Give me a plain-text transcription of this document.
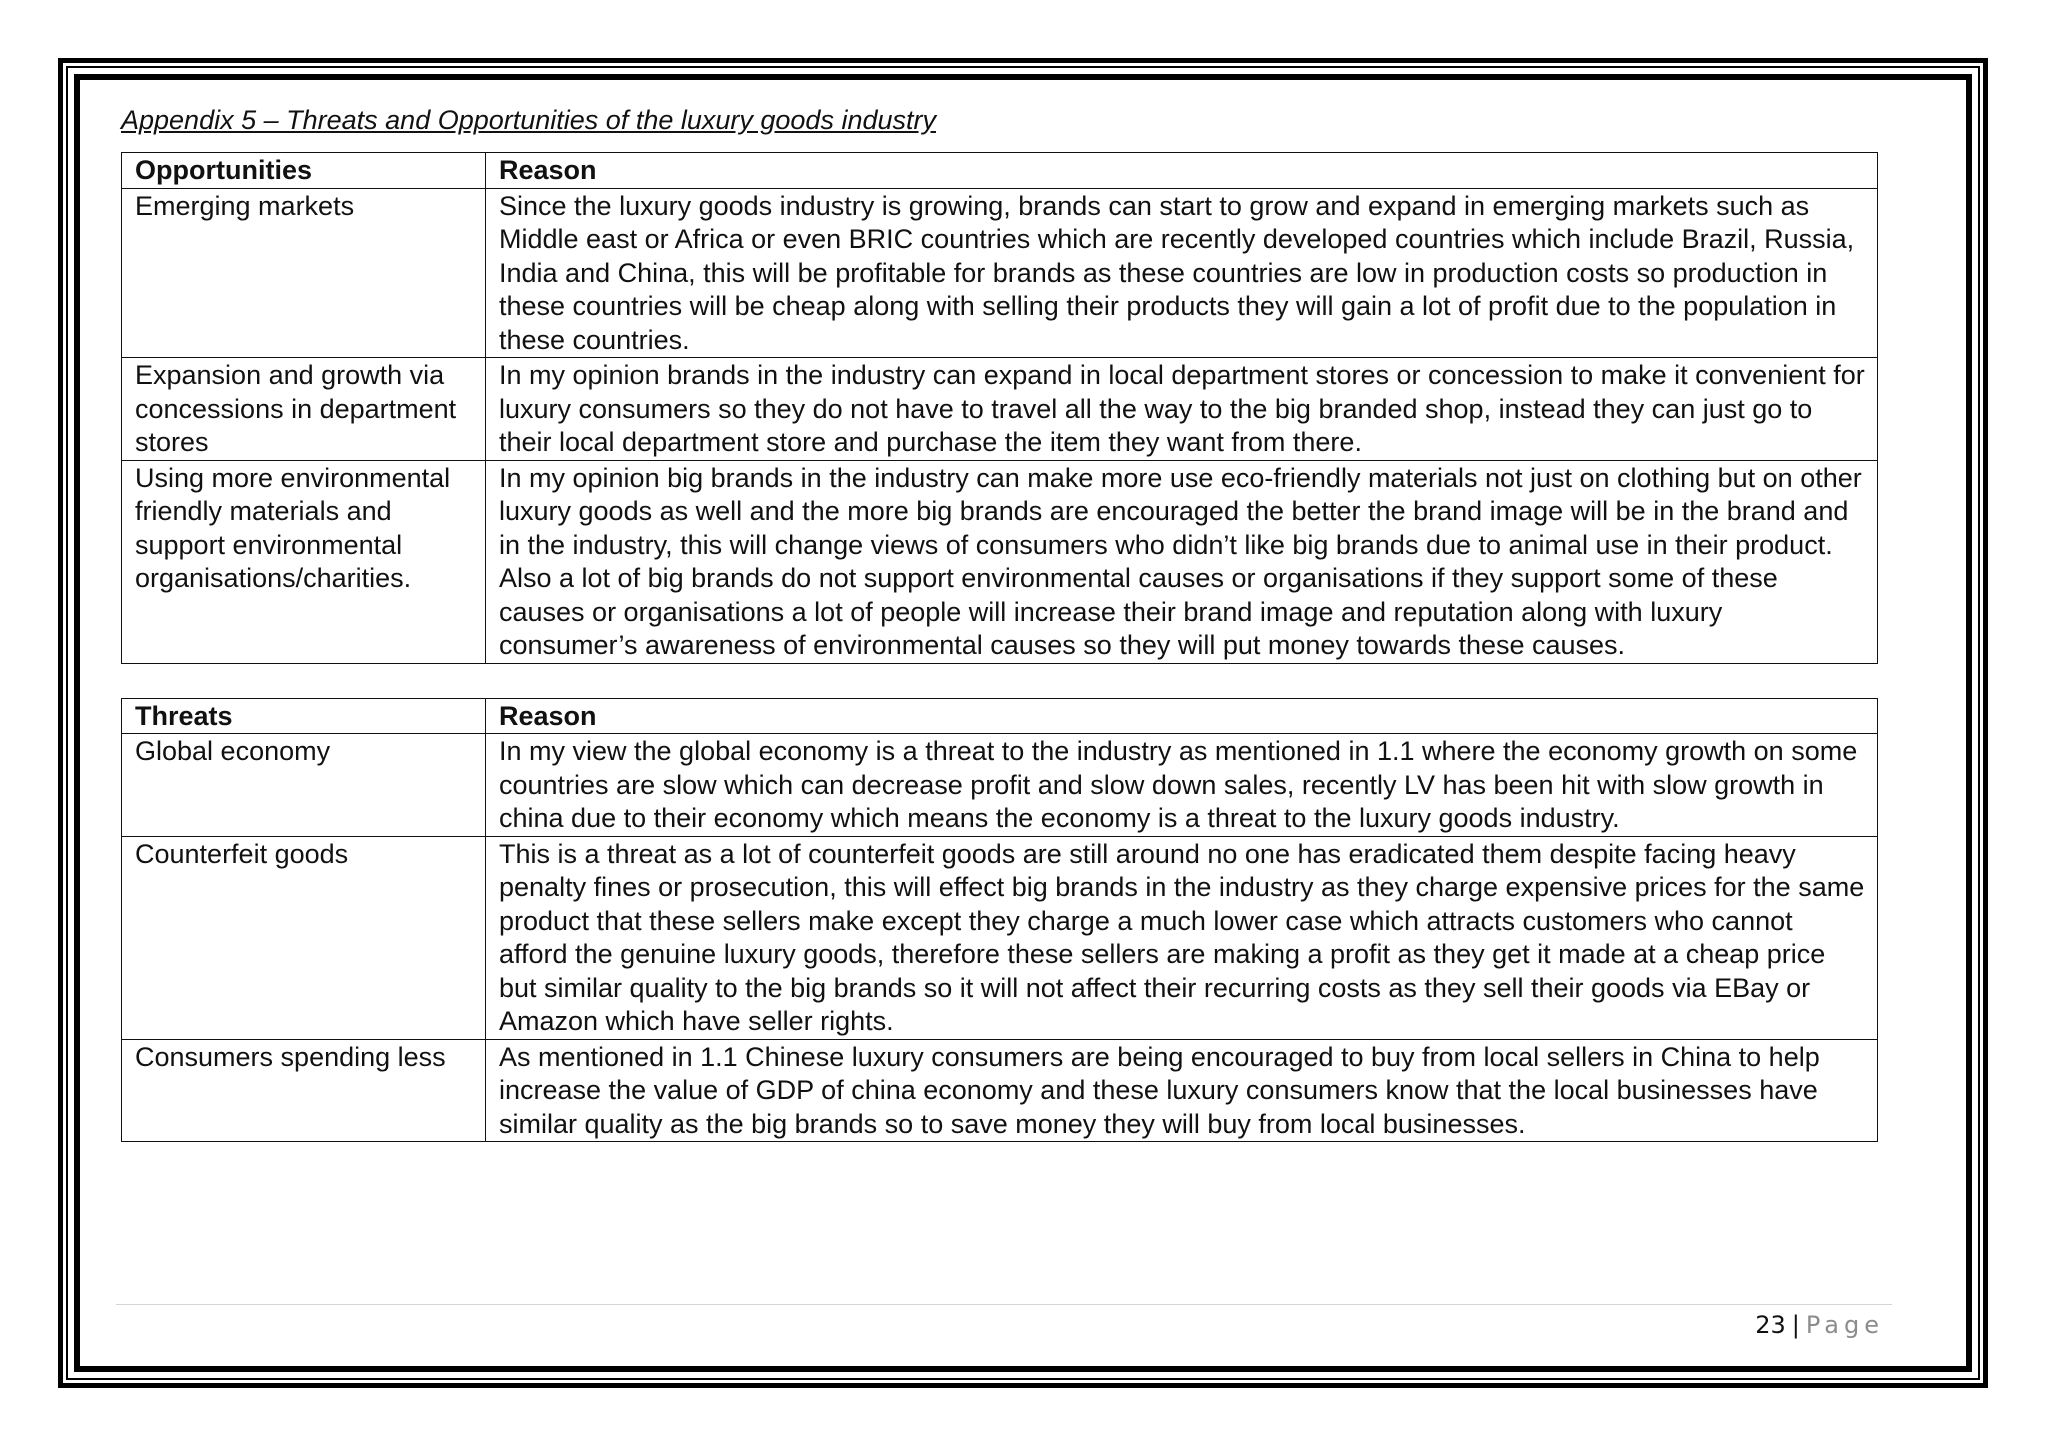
Appendix 5 – Threats and Opportunities of the luxury goods industry
Opportunities	Reason
Emerging markets	Since the luxury goods industry is growing, brands can start to grow and expand in emerging markets such as Middle east or Africa or even BRIC countries which are recently developed countries which include Brazil, Russia, India and China, this will be profitable for brands as these countries are low in production costs so production in these countries will be cheap along with selling their products they will gain a lot of profit due to the population in these countries.
Expansion and growth via concessions in department stores	In my opinion brands in the industry can expand in local department stores or concession to make it convenient for luxury consumers so they do not have to travel all the way to the big branded shop, instead they can just go to their local department store and purchase the item they want from there.
Using more environmental friendly materials and support environmental organisations/charities.	In my opinion big brands in the industry can make more use eco-friendly materials not just on clothing but on other luxury goods as well and the more big brands are encouraged the better the brand image will be in the brand and in the industry, this will change views of consumers who didn’t like big brands due to animal use in their product. Also a lot of big brands do not support environmental causes or organisations if they support some of these causes or organisations a lot of people will increase their brand image and reputation along with luxury consumer’s awareness of environmental causes so they will put money towards these causes.
Threats	Reason
Global economy	In my view the global economy is a threat to the industry as mentioned in 1.1 where the economy growth on some countries are slow which can decrease profit and slow down sales, recently LV has been hit with slow growth in china due to their economy which means the economy is a threat to the luxury goods industry.
Counterfeit goods	This is a threat as a lot of counterfeit goods are still around no one has eradicated them despite facing heavy penalty fines or prosecution, this will effect big brands in the industry as they charge expensive prices for the same product that these sellers make except they charge a much lower case which attracts customers who cannot afford the genuine luxury goods, therefore these sellers are making a profit as they get it made at a cheap price but similar quality to the big brands so it will not affect their recurring costs as they sell their goods via EBay or Amazon which have seller rights.
Consumers spending less	As mentioned in 1.1 Chinese luxury consumers are being encouraged to buy from local sellers in China to help increase the value of GDP of china economy and these luxury consumers know that the local businesses have similar quality as the big brands so to save money they will buy from local businesses.
23 | Page
